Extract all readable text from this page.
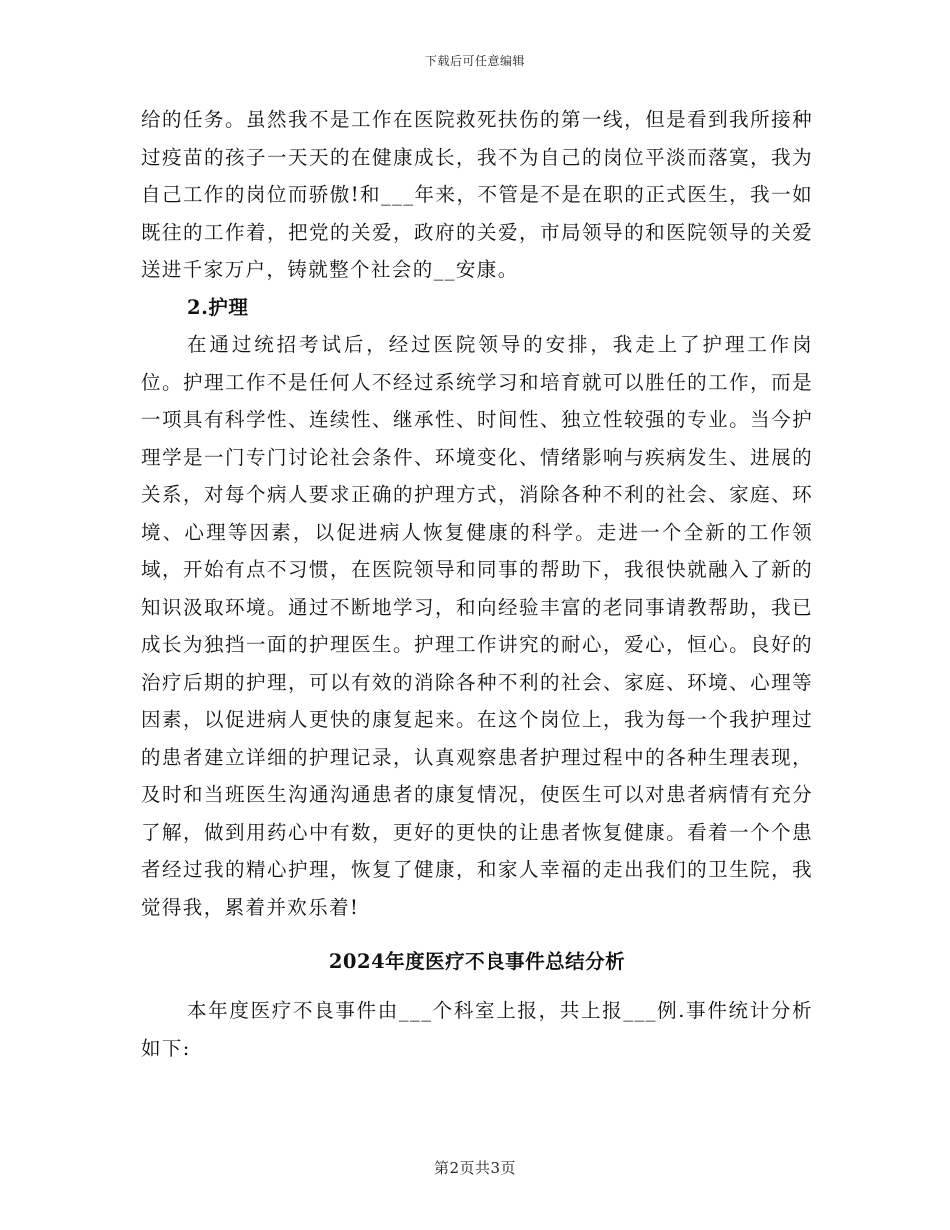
下载后可任意编辑

给的任务。虽然我不是工作在医院救死扶伤的第一线，但是看到我所接种过疫苗的孩子一天天的在健康成长，我不为自己的岗位平淡而落寞，我为自己工作的岗位而骄傲!和___年来，不管是不是在职的正式医生，我一如既往的工作着，把党的关爱，政府的关爱，市局领导的和医院领导的关爱送进千家万户，铸就整个社会的__安康。

2.护理

在通过统招考试后，经过医院领导的安排，我走上了护理工作岗位。护理工作不是任何人不经过系统学习和培育就可以胜任的工作，而是一项具有科学性、连续性、继承性、时间性、独立性较强的专业。当今护理学是一门专门讨论社会条件、环境变化、情绪影响与疾病发生、进展的关系，对每个病人要求正确的护理方式，消除各种不利的社会、家庭、环境、心理等因素，以促进病人恢复健康的科学。走进一个全新的工作领域，开始有点不习惯，在医院领导和同事的帮助下，我很快就融入了新的知识汲取环境。通过不断地学习，和向经验丰富的老同事请教帮助，我已成长为独挡一面的护理医生。护理工作讲究的耐心，爱心，恒心。良好的治疗后期的护理，可以有效的消除各种不利的社会、家庭、环境、心理等因素，以促进病人更快的康复起来。在这个岗位上，我为每一个我护理过的患者建立详细的护理记录，认真观察患者护理过程中的各种生理表现，及时和当班医生沟通沟通患者的康复情况，使医生可以对患者病情有充分了解，做到用药心中有数，更好的更快的让患者恢复健康。看着一个个患者经过我的精心护理，恢复了健康，和家人幸福的走出我们的卫生院，我觉得我，累着并欢乐着!

2024年度医疗不良事件总结分析

本年度医疗不良事件由___个科室上报，共上报___例.事件统计分析如下:

第2页共3页
